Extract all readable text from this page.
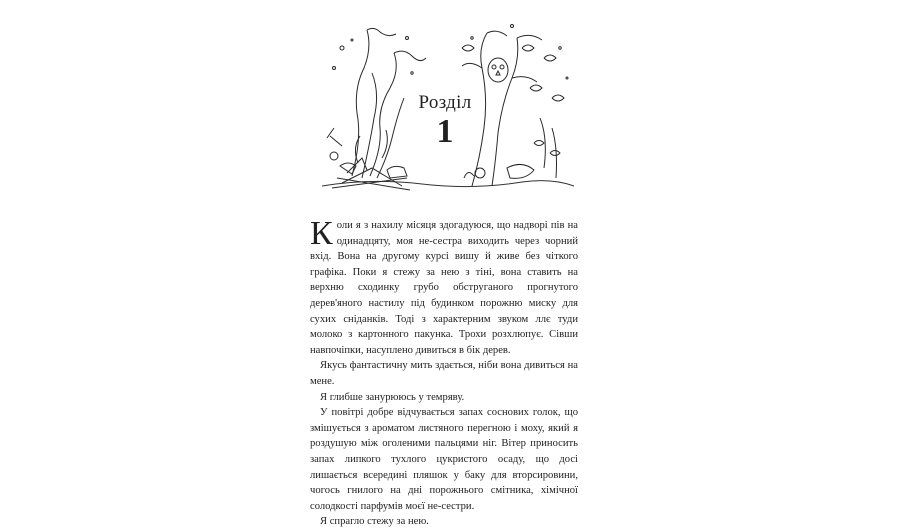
Розділ
1

Коли я з нахилу місяця здогадуюся, що надворі пів на одинадцяту, моя не-сестра виходить через чорний вхід. Вона на другому курсі вишу й живе без чіткого графіка. Поки я стежу за нею з тіні, вона ставить на верхню сходинку грубо обструганого прогнутого дерев'яного настилу під будинком порожню миску для сухих сніданків. Тоді з характерним звуком ллє туди молоко з картонного пакунка. Трохи розхлюпує. Сівши навпочіпки, насуплено дивиться в бік дерев.

Якусь фантастичну мить здається, ніби вона дивиться на мене.

Я глибше занурююсь у темряву.

У повітрі добре відчувається запах соснових голок, що змішується з ароматом листяного перегною і моху, який я роздушую між оголеними пальцями ніг. Вітер приносить запах липкого тухлого цукристого осаду, що досі лишається всередині пляшок у баку для вторсировини, чогось гнилого на дні порожнього смітника, хімічної солодкості парфумів моєї не-сестри.

Я спрагло стежу за нею.
